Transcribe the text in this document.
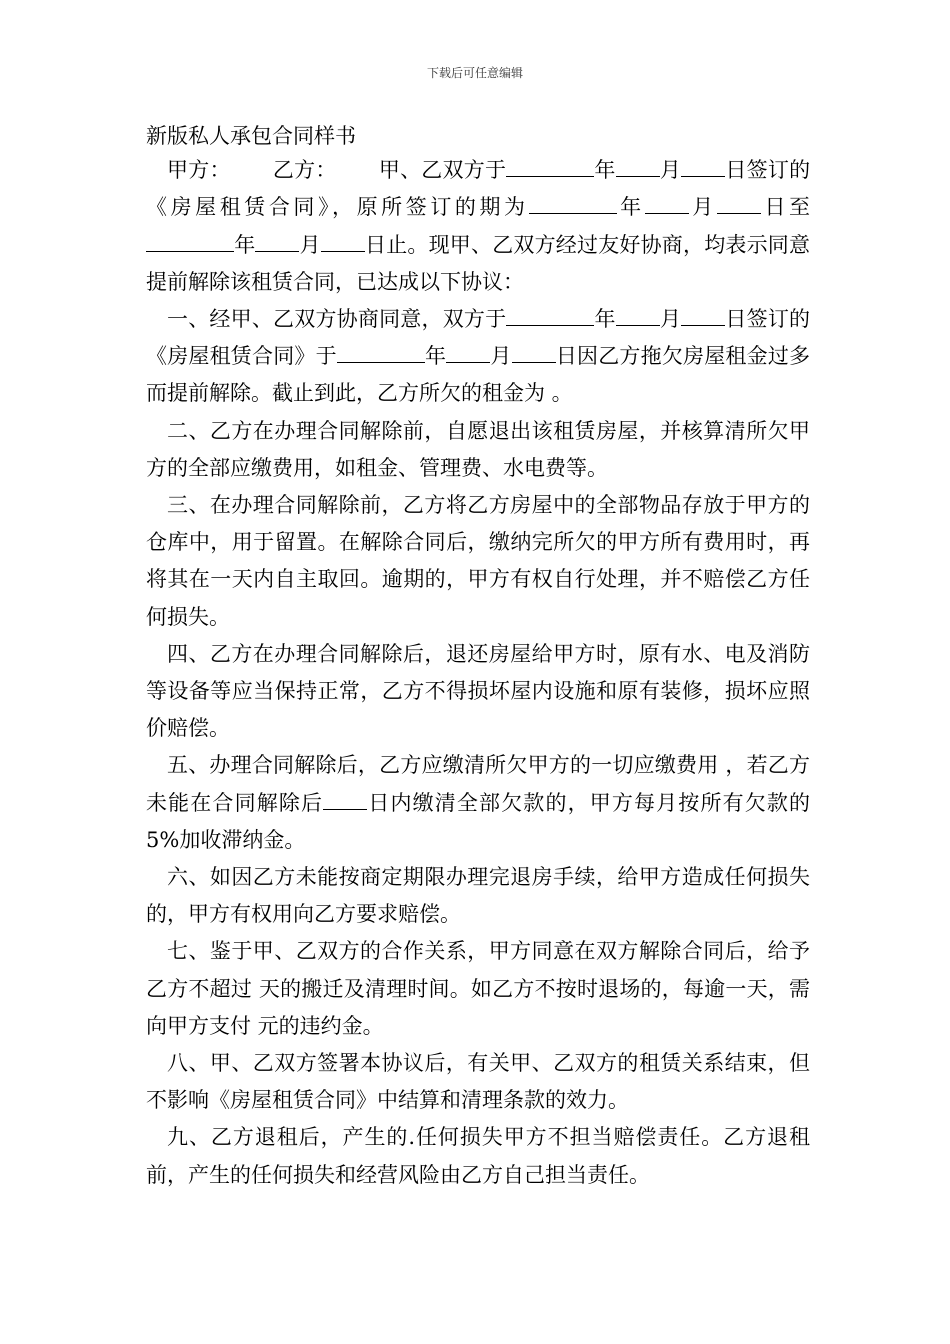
下载后可任意编辑

新版私人承包合同样书

甲方： 乙方： 甲、乙双方于	年 月 日签订的《房屋租赁合同》，原所签订的期为	年 月 日至年 月 日止。现甲、乙双方经过友好协商，均表示同意提前解除该租赁合同，已达成以下协议：

一、经甲、乙双方协商同意，双方于	年 月 日签订的《房屋租赁合同》于	年 月 日因乙方拖欠房屋租金过多而提前解除。截止到此，乙方所欠的租金为 。

二、乙方在办理合同解除前，自愿退出该租赁房屋，并核算清所欠甲方的全部应缴费用，如租金、管理费、水电费等。

三、在办理合同解除前，乙方将乙方房屋中的全部物品存放于甲方的仓库中，用于留置。在解除合同后，缴纳完所欠的甲方所有费用时，再将其在一天内自主取回。逾期的，甲方有权自行处理，并不赔偿乙方任何损失。

四、乙方在办理合同解除后，退还房屋给甲方时，原有水、电及消防等设备等应当保持正常，乙方不得损坏屋内设施和原有装修，损坏应照价赔偿。

五、办理合同解除后，乙方应缴清所欠甲方的一切应缴费用 ，若乙方未能在合同解除后 日内缴清全部欠款的，甲方每月按所有欠款的 5%加收滞纳金。

六、如因乙方未能按商定期限办理完退房手续，给甲方造成任何损失的，甲方有权用向乙方要求赔偿。

七、鉴于甲、乙双方的合作关系，甲方同意在双方解除合同后，给予乙方不超过 天的搬迁及清理时间。如乙方不按时退场的，每逾一天，需向甲方支付 元的违约金。

八、甲、乙双方签署本协议后，有关甲、乙双方的租赁关系结束，但不影响《房屋租赁合同》中结算和清理条款的效力。

九、乙方退租后，产生的.任何损失甲方不担当赔偿责任。乙方退租前，产生的任何损失和经营风险由乙方自己担当责任。
